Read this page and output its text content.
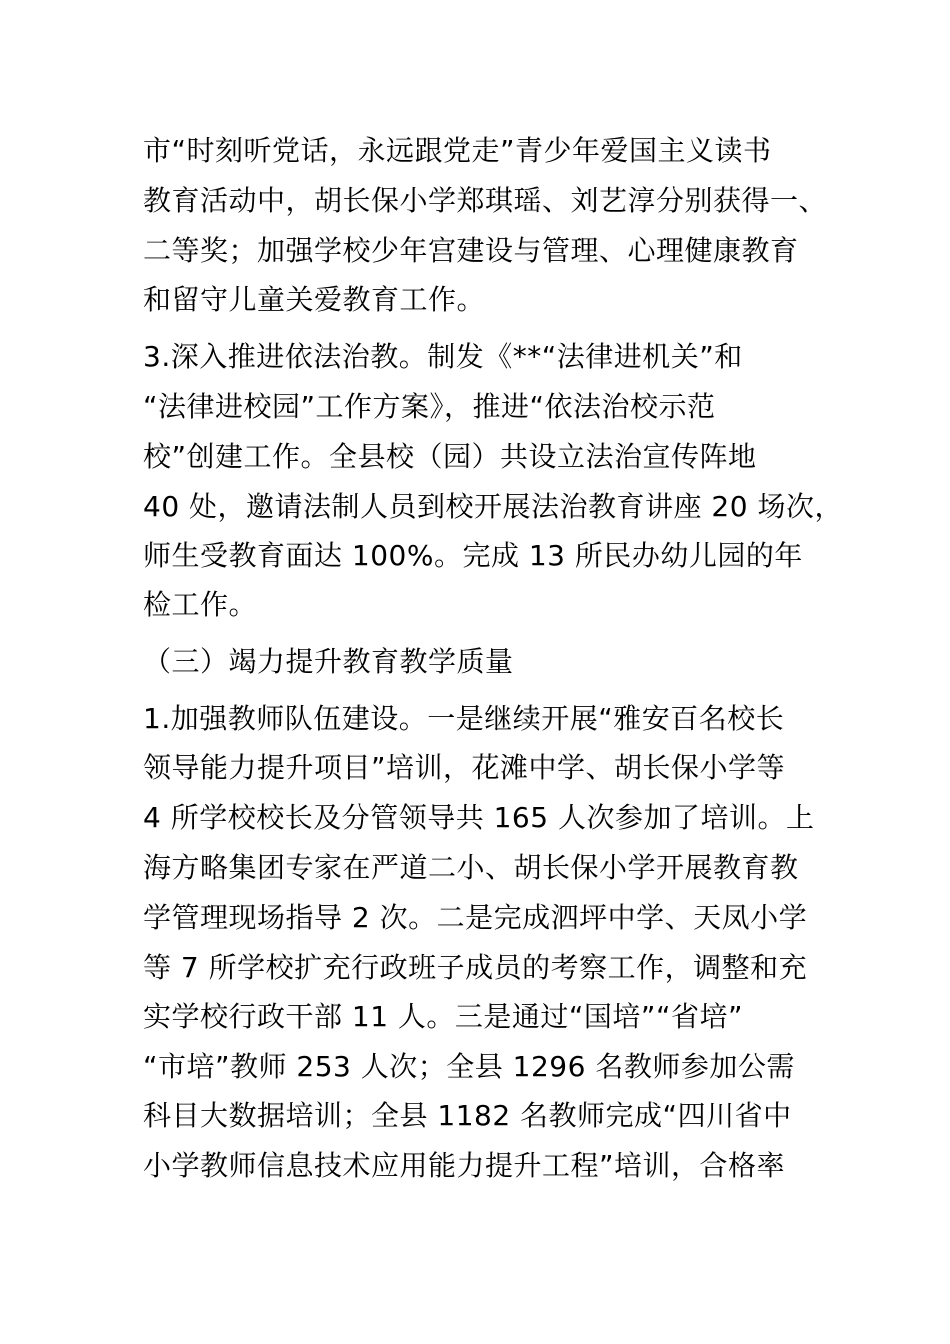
市“时刻听党话，永远跟党走”青少年爱国主义读书
教育活动中，胡长保小学郑琪瑶、刘艺淳分别获得一、
二等奖；加强学校少年宫建设与管理、心理健康教育
和留守儿童关爱教育工作。
3.深入推进依法治教。制发《**“法律进机关”和
“法律进校园”工作方案》，推进“依法治校示范
校”创建工作。全县校（园）共设立法治宣传阵地
40 处，邀请法制人员到校开展法治教育讲座 20 场次，
师生受教育面达 100%。完成 13 所民办幼儿园的年
检工作。
（三）竭力提升教育教学质量
1.加强教师队伍建设。一是继续开展“雅安百名校长
领导能力提升项目”培训，花滩中学、胡长保小学等
4 所学校校长及分管领导共 165 人次参加了培训。上
海方略集团专家在严道二小、胡长保小学开展教育教
学管理现场指导 2 次。二是完成泗坪中学、天凤小学
等 7 所学校扩充行政班子成员的考察工作，调整和充
实学校行政干部 11 人。三是通过“国培”“省培”
“市培”教师 253 人次；全县 1296 名教师参加公需
科目大数据培训；全县 1182 名教师完成“四川省中
小学教师信息技术应用能力提升工程”培训，合格率
